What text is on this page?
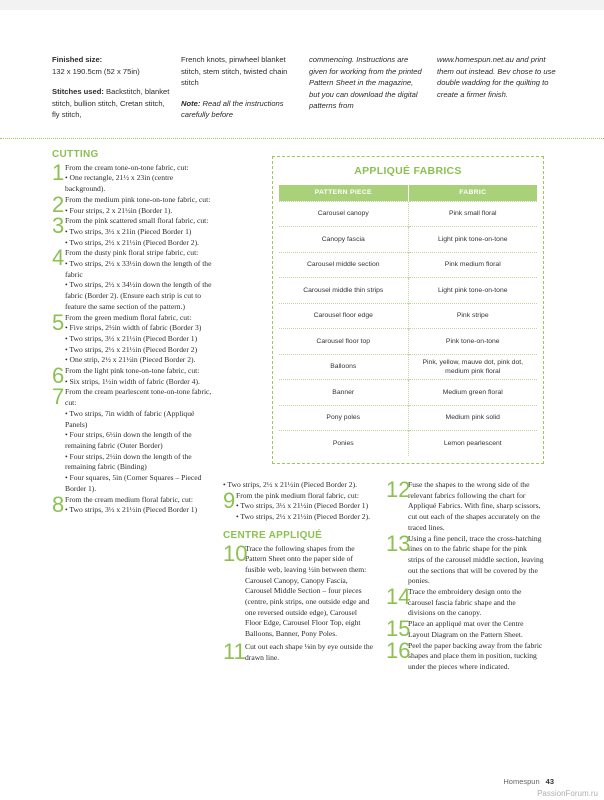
Finished size:
132 x 190.5cm (52 x 75in)
Stitches used: Backstitch, blanket stitch, bullion stitch, Cretan stitch, fly stitch,
French knots, pinwheel blanket stitch, stem stitch, twisted chain stitch
Note: Read all the instructions carefully before
commencing. Instructions are given for working from the printed Pattern Sheet in the magazine, but you can download the digital patterns from
www.homespun.net.au and print them out instead. Bev chose to use double wadding for the quilting to create a firmer finish.
CUTTING
1 From the cream tone-on-tone fabric, cut:
• One rectangle, 21½ x 23in (centre background).
2 From the medium pink tone-on-tone fabric, cut:
• Four strips, 2 x 21½in (Border 1).
3 From the pink scattered small floral fabric, cut:
• Two strips, 3½ x 21in (Pieced Border 1)
• Two strips, 2½ x 21½in (Pieced Border 2).
4 From the dusty pink floral stripe fabric, cut:
• Two strips, 2½ x 33½in down the length of the fabric
• Two strips, 2½ x 34½in down the length of the fabric (Border 2). (Ensure each strip is cut to feature the same section of the pattern.)
5 From the green medium floral fabric, cut:
• Five strips, 2½in width of fabric (Border 3)
• Two strips, 3½ x 21½in (Pieced Border 1)
• Two strips, 2½ x 21½in (Pieced Border 2)
• One strip, 2½ x 21½in (Pieced Border 2).
6 From the light pink tone-on-tone fabric, cut:
• Six strips, 1½in width of fabric (Border 4).
7 From the cream pearlescent tone-on-tone fabric, cut:
• Two strips, 7in width of fabric (Appliqué Panels)
• Four strips, 6½in down the length of the remaining fabric (Outer Border)
• Four strips, 2½in down the length of the remaining fabric (Binding)
• Four squares, 5in (Corner Squares – Pieced Border 1).
8 From the cream medium floral fabric, cut:
• Two strips, 3½ x 21½in (Pieced Border 1)
APPLIQUÉ FABRICS
PATTERN PIECE	FABRIC
Carousel canopy	Pink small floral
Canopy fascia	Light pink tone-on-tone
Carousel middle section	Pink medium floral
Carousel middle thin strips	Light pink tone-on-tone
Carousel floor edge	Pink stripe
Carousel floor top	Pink tone-on-tone
Balloons	Pink, yellow, mauve dot, pink dot, medium pink floral
Banner	Medium green floral
Pony poles	Medium pink solid
Ponies	Lemon pearlescent
• Two strips, 2½ x 21½in (Pieced Border 2).
9 From the pink medium floral fabric, cut:
• Two strips, 3½ x 21½in (Pieced Border 1)
• Two strips, 2½ x 21½in (Pieced Border 2).
CENTRE APPLIQUÉ
10
Trace the following shapes from the Pattern Sheet onto the paper side of fusible web, leaving ½in between them: Carousel Canopy, Canopy Fascia, Carousel Middle Section – four pieces (centre, pink strips, one outside edge and one reversed outside edge), Carousel Floor Edge, Carousel Floor Top, eight Balloons, Banner, Pony Poles.
11 Cut out each shape ⅛in by eye outside the drawn line.
12
Fuse the shapes to the wrong side of the relevant fabrics following the chart for Appliqué Fabrics. With fine, sharp scissors, cut out each of the shapes accurately on the traced lines.
13
Using a fine pencil, trace the cross-hatching lines on to the fabric shape for the pink strips of the carousel middle section, leaving out the sections that will be covered by the ponies.
14
Trace the embroidery design onto the carousel fascia fabric shape and the divisions on the canopy.
15
Place an appliqué mat over the Centre Layout Diagram on the Pattern Sheet.
16
Peel the paper backing away from the fabric shapes and place them in position, tucking under the pieces where indicated.
Homespun 43
PassionForum.ru
